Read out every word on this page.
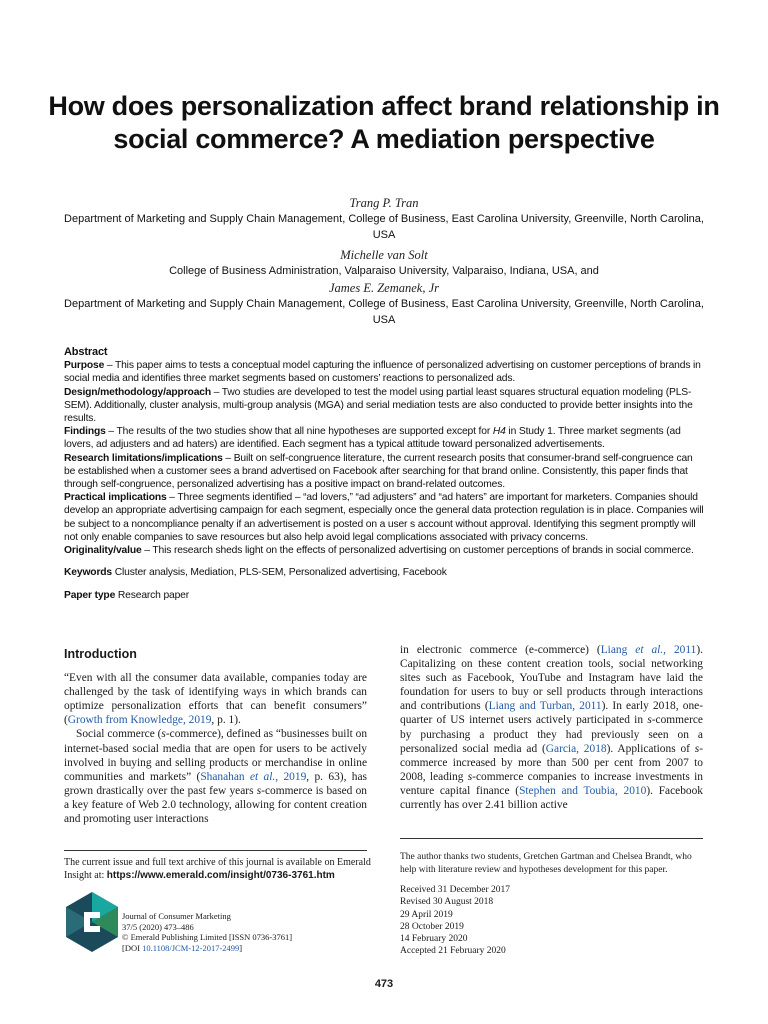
How does personalization affect brand relationship in social commerce? A mediation perspective
Trang P. Tran
Department of Marketing and Supply Chain Management, College of Business, East Carolina University, Greenville, North Carolina, USA
Michelle van Solt
College of Business Administration, Valparaiso University, Valparaiso, Indiana, USA, and
James E. Zemanek, Jr
Department of Marketing and Supply Chain Management, College of Business, East Carolina University, Greenville, North Carolina, USA

Abstract

Purpose – This paper aims to tests a conceptual model capturing the influence of personalized advertising on customer perceptions of brands in social media and identifies three market segments based on customers’ reactions to personalized ads.

Design/methodology/approach – Two studies are developed to test the model using partial least squares structural equation modeling (PLS-SEM). Additionally, cluster analysis, multi-group analysis (MGA) and serial mediation tests are also conducted to provide better insights into the results.

Findings – The results of the two studies show that all nine hypotheses are supported except for H4 in Study 1. Three market segments (ad lovers, ad adjusters and ad haters) are identified. Each segment has a typical attitude toward personalized advertisements.

Research limitations/implications – Built on self-congruence literature, the current research posits that consumer-brand self-congruence can be established when a customer sees a brand advertised on Facebook after searching for that brand online. Consistently, this paper finds that through self-congruence, personalized advertising has a positive impact on brand-related outcomes.

Practical implications – Three segments identified – “ad lovers,” “ad adjusters” and “ad haters” are important for marketers. Companies should develop an appropriate advertising campaign for each segment, especially once the general data protection regulation is in place. Companies will be subject to a noncompliance penalty if an advertisement is posted on a user s account without approval. Identifying this segment promptly will not only enable companies to save resources but also help avoid legal complications associated with privacy concerns.

Originality/value – This research sheds light on the effects of personalized advertising on customer perceptions of brands in social commerce.

Keywords Cluster analysis, Mediation, PLS-SEM, Personalized advertising, Facebook

Paper type Research paper

Introduction

“Even with all the consumer data available, companies today are challenged by the task of identifying ways in which brands can optimize personalization efforts that can benefit consumers” (Growth from Knowledge, 2019, p. 1).

Social commerce (s-commerce), defined as “businesses built on internet-based social media that are open for users to be actively involved in buying and selling products or merchandise in online communities and markets” (Shanahan et al., 2019, p. 63), has grown drastically over the past few years s-commerce is based on a key feature of Web 2.0 technology, allowing for content creation and promoting user interactions

in electronic commerce (e-commerce) (Liang et al., 2011). Capitalizing on these content creation tools, social networking sites such as Facebook, YouTube and Instagram have laid the foundation for users to buy or sell products through interactions and contributions (Liang and Turban, 2011). In early 2018, one-quarter of US internet users actively participated in s-commerce by purchasing a product they had previously seen on a personalized social media ad (Garcia, 2018). Applications of s-commerce increased by more than 500 per cent from 2007 to 2008, leading s-commerce companies to increase investments in venture capital finance (Stephen and Toubia, 2010). Facebook currently has over 2.41 billion active

The current issue and full text archive of this journal is available on Emerald Insight at: https://www.emerald.com/insight/0736-3761.htm
Journal of Consumer Marketing
37/5 (2020) 473–486
© Emerald Publishing Limited [ISSN 0736-3761]
[DOI 10.1108/JCM-12-2017-2499]
The author thanks two students, Gretchen Gartman and Chelsea Brandt, who help with literature review and hypotheses development for this paper.
Received 31 December 2017
Revised 30 August 2018
29 April 2019
28 October 2019
14 February 2020
Accepted 21 February 2020
473
